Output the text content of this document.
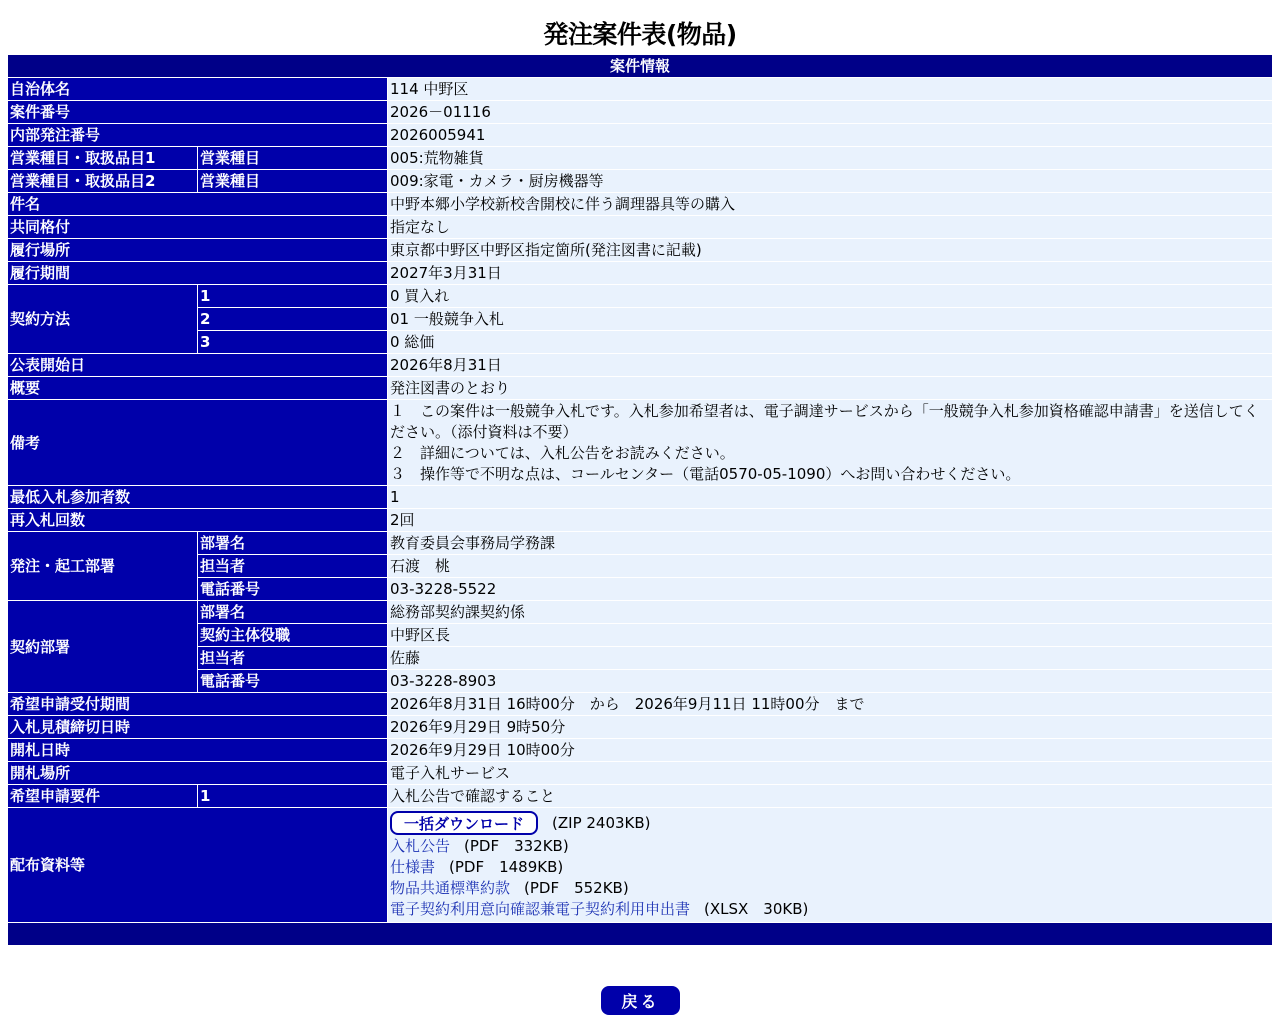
発注案件表(物品)
案件情報		
自治体名		114 中野区
案件番号		2026－01116
内部発注番号		2026005941
営業種目・取扱品目1	営業種目	005:荒物雑貨
営業種目・取扱品目2	営業種目	009:家電・カメラ・厨房機器等
件名		中野本郷小学校新校舎開校に伴う調理器具等の購入
共同格付		指定なし
履行場所		東京都中野区中野区指定箇所(発注図書に記載)
履行期間		2027年3月31日
契約方法	1	0 買入れ
	2	01 一般競争入札
	3	0 総価
公表開始日		2026年8月31日
概要		発注図書のとおり
備考		１　この案件は一般競争入札です。入札参加希望者は、電子調達サービスから「一般競争入札参加資格確認申請書」を送信してください。（添付資料は不要）
２　詳細については、入札公告をお読みください。
３　操作等で不明な点は、コールセンター（電話0570-05-1090）へお問い合わせください。

最低入札参加者数		1
再入札回数		2回
発注・起工部署	部署名	教育委員会事務局学務課
	担当者	石渡　桃
	電話番号	03-3228-5522
契約部署	部署名	総務部契約課契約係
	契約主体役職	中野区長
	担当者	佐藤
	電話番号	03-3228-8903
希望申請受付期間		2026年8月31日 16時00分　から　2026年9月11日 11時00分　まで
入札見積締切日時		2026年9月29日 9時50分
開札日時		2026年9月29日 10時00分
開札場所		電子入札サービス
希望申請要件	1	入札公告で確認すること
配布資料等		一括ダウンロード (ZIP 2403KB)
入札公告 (PDF　332KB)
仕様書 (PDF　1489KB)
物品共通標準約款 (PDF　552KB)
電子契約利用意向確認兼電子契約利用申出書 (XLSX　30KB)

戻る
